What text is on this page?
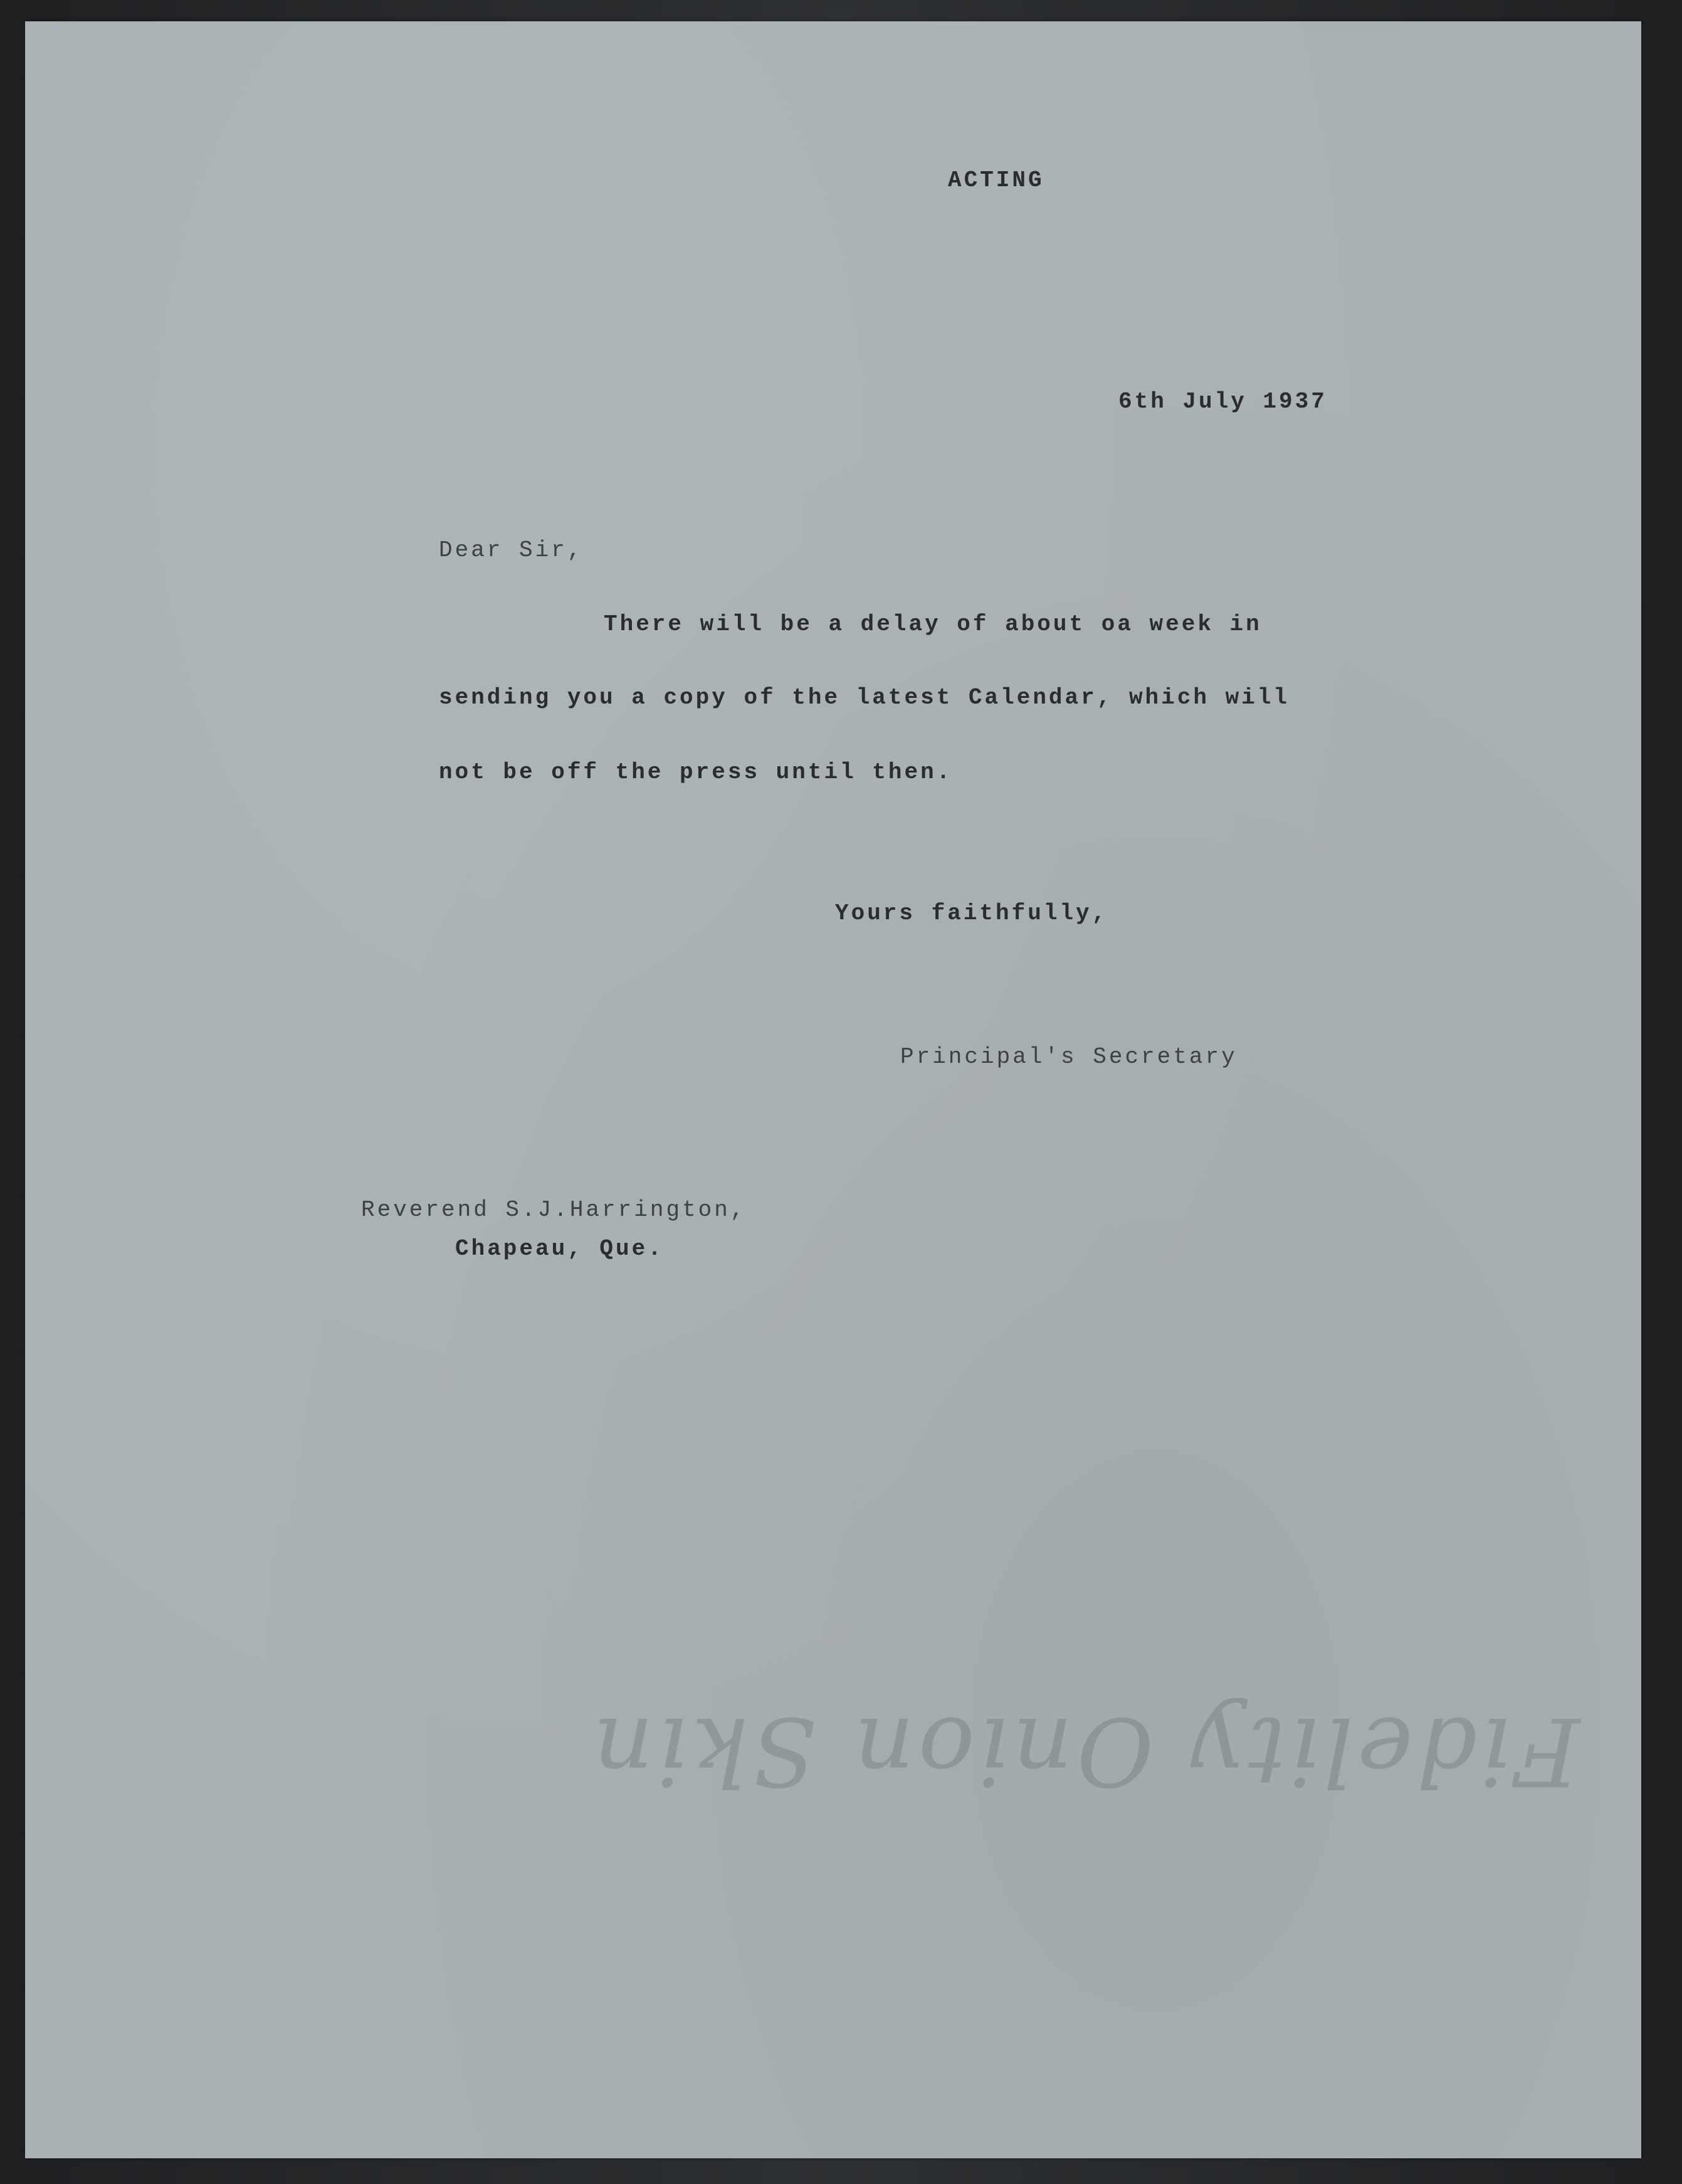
Fidelity Onion Skin
ACTING
6th July 1937
Dear Sir,
There will be a delay of about oa week in
sending you a copy of the latest Calendar, which will
not be off the press until then.
Yours faithfully,
Principal's Secretary
Reverend S.J.Harrington,
Chapeau, Que.
